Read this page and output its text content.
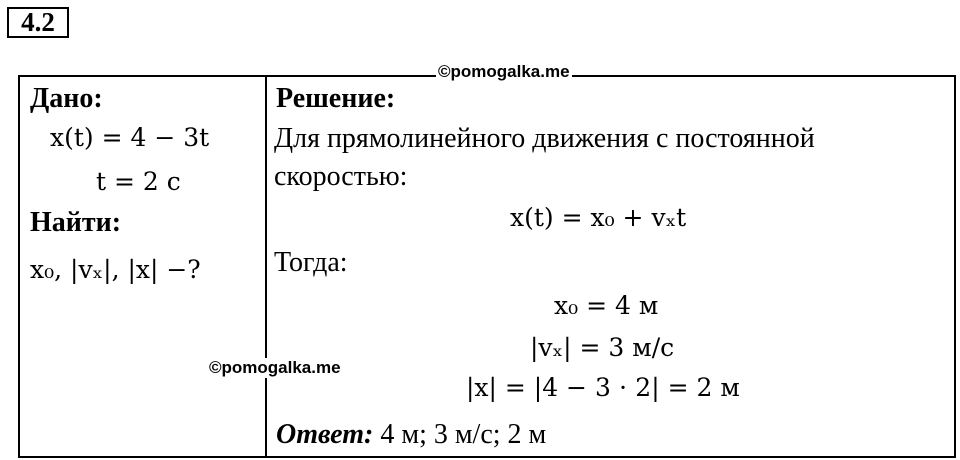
4.2
Дано:
x(t) = 4 − 3t
t = 2 с
Найти:
x₀, |vₓ|, |x| −?
Решение:
Для прямолинейного движения с постоянной
скоростью:
x(t) = x₀ + vₓt
Тогда:
x₀ = 4 м
|vₓ| = 3 м/с
|x| = |4 − 3 ⋅ 2| = 2 м
Ответ: 4 м; 3 м/с; 2 м
©pomogalka.me
©pomogalka.me
